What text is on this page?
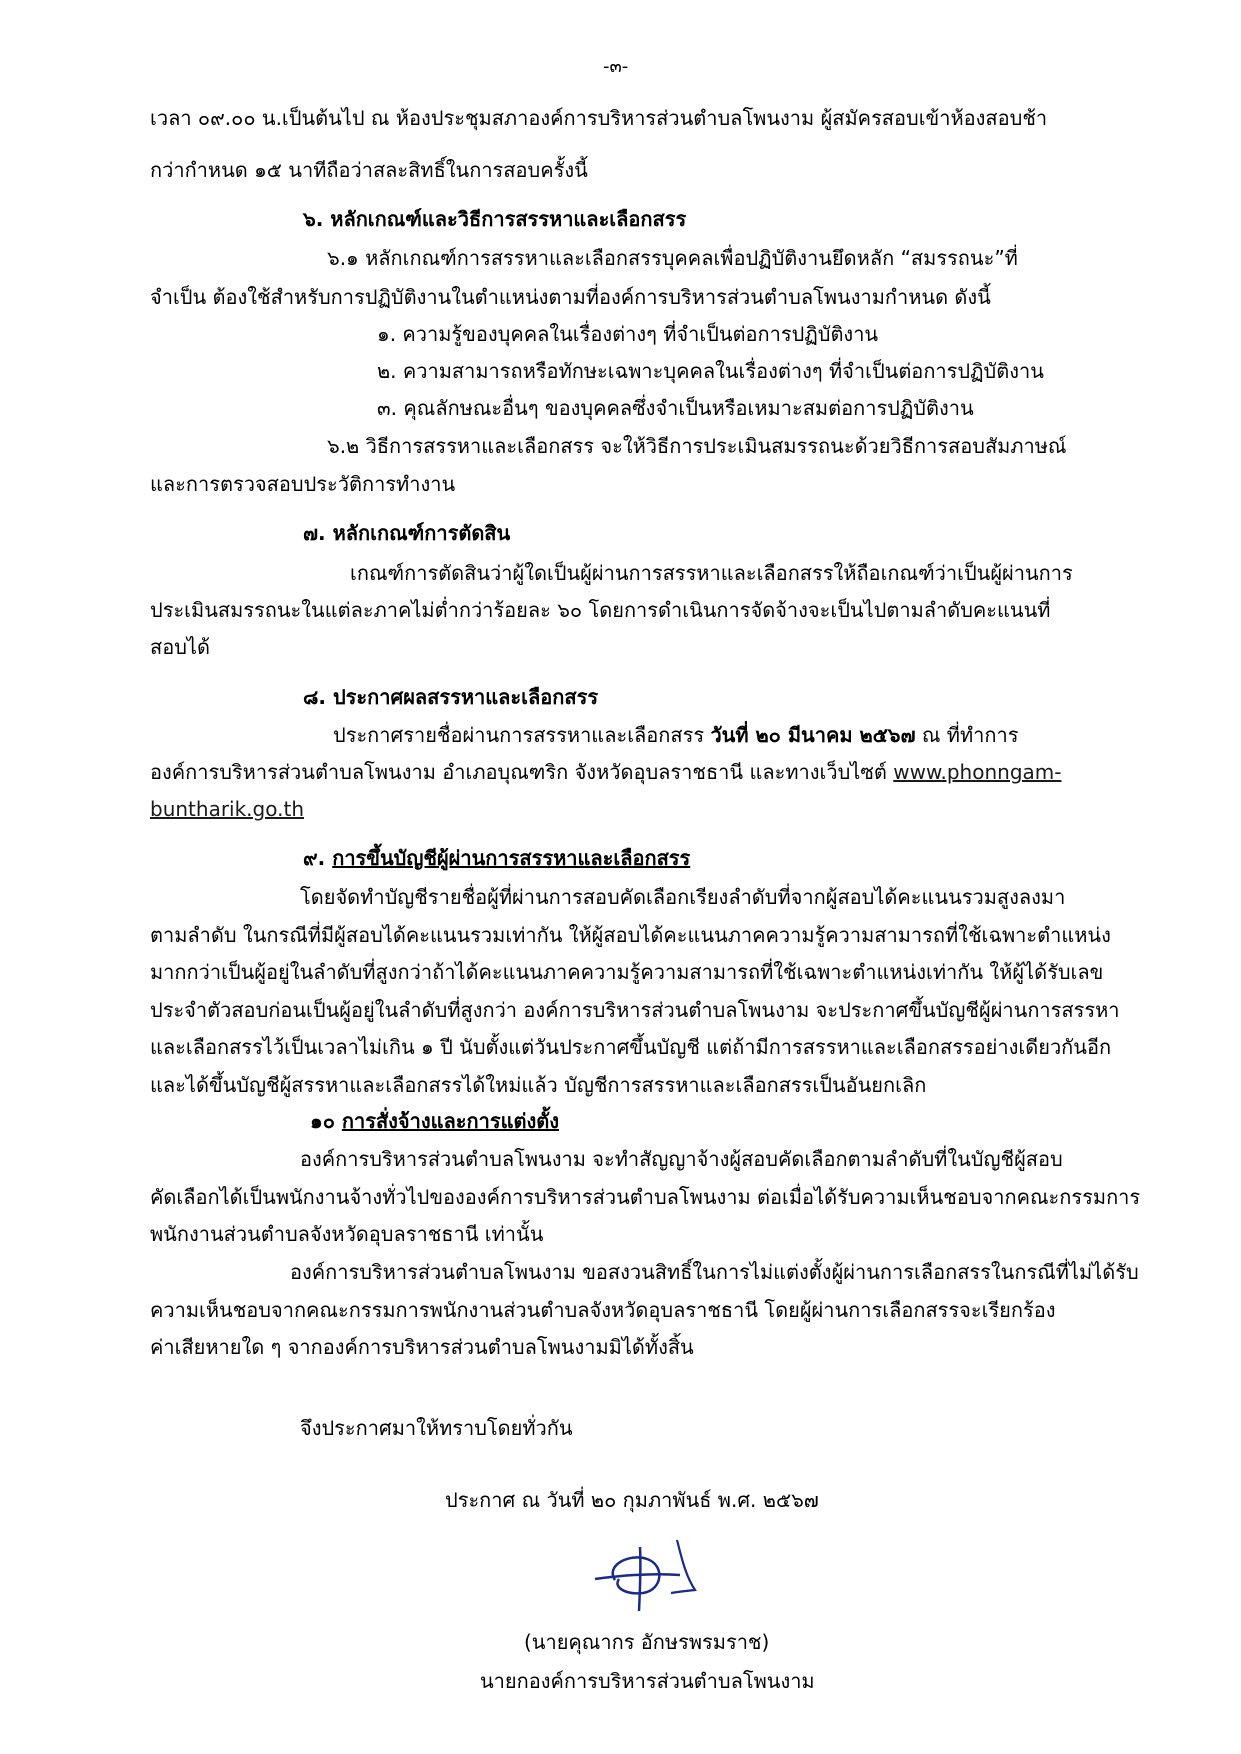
-๓-
เวลา ๐๙.๐๐ น.เป็นต้นไป ณ ห้องประชุมสภาองค์การบริหารส่วนตำบลโพนงาม ผู้สมัครสอบเข้าห้องสอบช้า
กว่ากำหนด ๑๕ นาทีถือว่าสละสิทธิ์ในการสอบครั้งนี้
๖. หลักเกณฑ์และวิธีการสรรหาและเลือกสรร
๖.๑ หลักเกณฑ์การสรรหาและเลือกสรรบุคคลเพื่อปฏิบัติงานยึดหลัก “สมรรถนะ”ที่
จำเป็น ต้องใช้สำหรับการปฏิบัติงานในตำแหน่งตามที่องค์การบริหารส่วนตำบลโพนงามกำหนด ดังนี้
๑. ความรู้ของบุคคลในเรื่องต่างๆ ที่จำเป็นต่อการปฏิบัติงาน
๒. ความสามารถหรือทักษะเฉพาะบุคคลในเรื่องต่างๆ ที่จำเป็นต่อการปฏิบัติงาน
๓. คุณลักษณะอื่นๆ ของบุคคลซึ่งจำเป็นหรือเหมาะสมต่อการปฏิบัติงาน
๖.๒ วิธีการสรรหาและเลือกสรร จะให้วิธีการประเมินสมรรถนะด้วยวิธีการสอบสัมภาษณ์
และการตรวจสอบประวัติการทำงาน
๗. หลักเกณฑ์การตัดสิน
เกณฑ์การตัดสินว่าผู้ใดเป็นผู้ผ่านการสรรหาและเลือกสรรให้ถือเกณฑ์ว่าเป็นผู้ผ่านการ
ประเมินสมรรถนะในแต่ละภาคไม่ต่ำกว่าร้อยละ ๖๐ โดยการดำเนินการจัดจ้างจะเป็นไปตามลำดับคะแนนที่
สอบได้
๘. ประกาศผลสรรหาและเลือกสรร
ประกาศรายชื่อผ่านการสรรหาและเลือกสรร วันที่ ๒๐ มีนาคม ๒๕๖๗ ณ ที่ทำการ
องค์การบริหารส่วนตำบลโพนงาม อำเภอบุณฑริก จังหวัดอุบลราชธานี และทางเว็บไซต์ www.phonngam-
buntharik.go.th
๙. การขึ้นบัญชีผู้ผ่านการสรรหาและเลือกสรร
โดยจัดทำบัญชีรายชื่อผู้ที่ผ่านการสอบคัดเลือกเรียงลำดับที่จากผู้สอบได้คะแนนรวมสูงลงมา
ตามลำดับ ในกรณีที่มีผู้สอบได้คะแนนรวมเท่ากัน ให้ผู้สอบได้คะแนนภาคความรู้ความสามารถที่ใช้เฉพาะตำแหน่ง
มากกว่าเป็นผู้อยู่ในลำดับที่สูงกว่าถ้าได้คะแนนภาคความรู้ความสามารถที่ใช้เฉพาะตำแหน่งเท่ากัน ให้ผู้ได้รับเลข
ประจำตัวสอบก่อนเป็นผู้อยู่ในลำดับที่สูงกว่า องค์การบริหารส่วนตำบลโพนงาม จะประกาศขึ้นบัญชีผู้ผ่านการสรรหา
และเลือกสรรไว้เป็นเวลาไม่เกิน ๑ ปี นับตั้งแต่วันประกาศขึ้นบัญชี แต่ถ้ามีการสรรหาและเลือกสรรอย่างเดียวกันอีก
และได้ขึ้นบัญชีผู้สรรหาและเลือกสรรได้ใหม่แล้ว บัญชีการสรรหาและเลือกสรรเป็นอันยกเลิก
๑๐ การสั่งจ้างและการแต่งตั้ง
องค์การบริหารส่วนตำบลโพนงาม จะทำสัญญาจ้างผู้สอบคัดเลือกตามลำดับที่ในบัญชีผู้สอบ
คัดเลือกได้เป็นพนักงานจ้างทั่วไปขององค์การบริหารส่วนตำบลโพนงาม ต่อเมื่อได้รับความเห็นชอบจากคณะกรรมการ
พนักงานส่วนตำบลจังหวัดอุบลราชธานี เท่านั้น
องค์การบริหารส่วนตำบลโพนงาม ขอสงวนสิทธิ์ในการไม่แต่งตั้งผู้ผ่านการเลือกสรรในกรณีที่ไม่ได้รับ
ความเห็นชอบจากคณะกรรมการพนักงานส่วนตำบลจังหวัดอุบลราชธานี โดยผู้ผ่านการเลือกสรรจะเรียกร้อง
ค่าเสียหายใด ๆ จากองค์การบริหารส่วนตำบลโพนงามมิได้ทั้งสิ้น
จึงประกาศมาให้ทราบโดยทั่วกัน
ประกาศ ณ วันที่ ๒๐ กุมภาพันธ์ พ.ศ. ๒๕๖๗
(นายคุณากร อักษรพรมราช)
นายกองค์การบริหารส่วนตำบลโพนงาม
